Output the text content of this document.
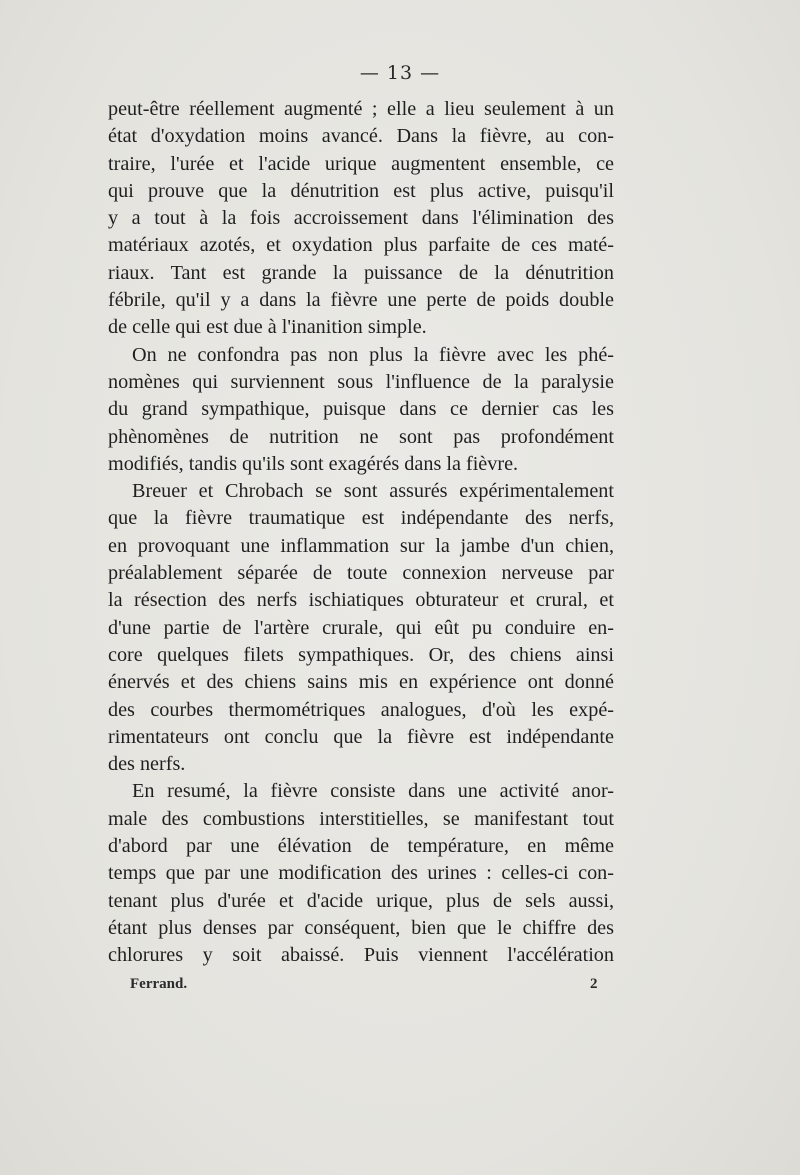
— 13 —
peut-être réellement augmenté ; elle a lieu seulement à un
état d'oxydation moins avancé. Dans la fièvre, au con-
traire, l'urée et l'acide urique augmentent ensemble, ce
qui prouve que la dénutrition est plus active, puisqu'il
y a tout à la fois accroissement dans l'élimination des
matériaux azotés, et oxydation plus parfaite de ces maté-
riaux. Tant est grande la puissance de la dénutrition
fébrile, qu'il y a dans la fièvre une perte de poids double
de celle qui est due à l'inanition simple.
On ne confondra pas non plus la fièvre avec les phé-
nomènes qui surviennent sous l'influence de la paralysie
du grand sympathique, puisque dans ce dernier cas les
phènomènes de nutrition ne sont pas profondément
modifiés, tandis qu'ils sont exagérés dans la fièvre.
Breuer et Chrobach se sont assurés expérimentalement
que la fièvre traumatique est indépendante des nerfs,
en provoquant une inflammation sur la jambe d'un chien,
préalablement séparée de toute connexion nerveuse par
la résection des nerfs ischiatiques obturateur et crural, et
d'une partie de l'artère crurale, qui eût pu conduire en-
core quelques filets sympathiques. Or, des chiens ainsi
énervés et des chiens sains mis en expérience ont donné
des courbes thermométriques analogues, d'où les expé-
rimentateurs ont conclu que la fièvre est indépendante
des nerfs.
En resumé, la fièvre consiste dans une activité anor-
male des combustions interstitielles, se manifestant tout
d'abord par une élévation de température, en même
temps que par une modification des urines : celles-ci con-
tenant plus d'urée et d'acide urique, plus de sels aussi,
étant plus denses par conséquent, bien que le chiffre des
chlorures y soit abaissé. Puis viennent l'accélération
Ferrand.	2
